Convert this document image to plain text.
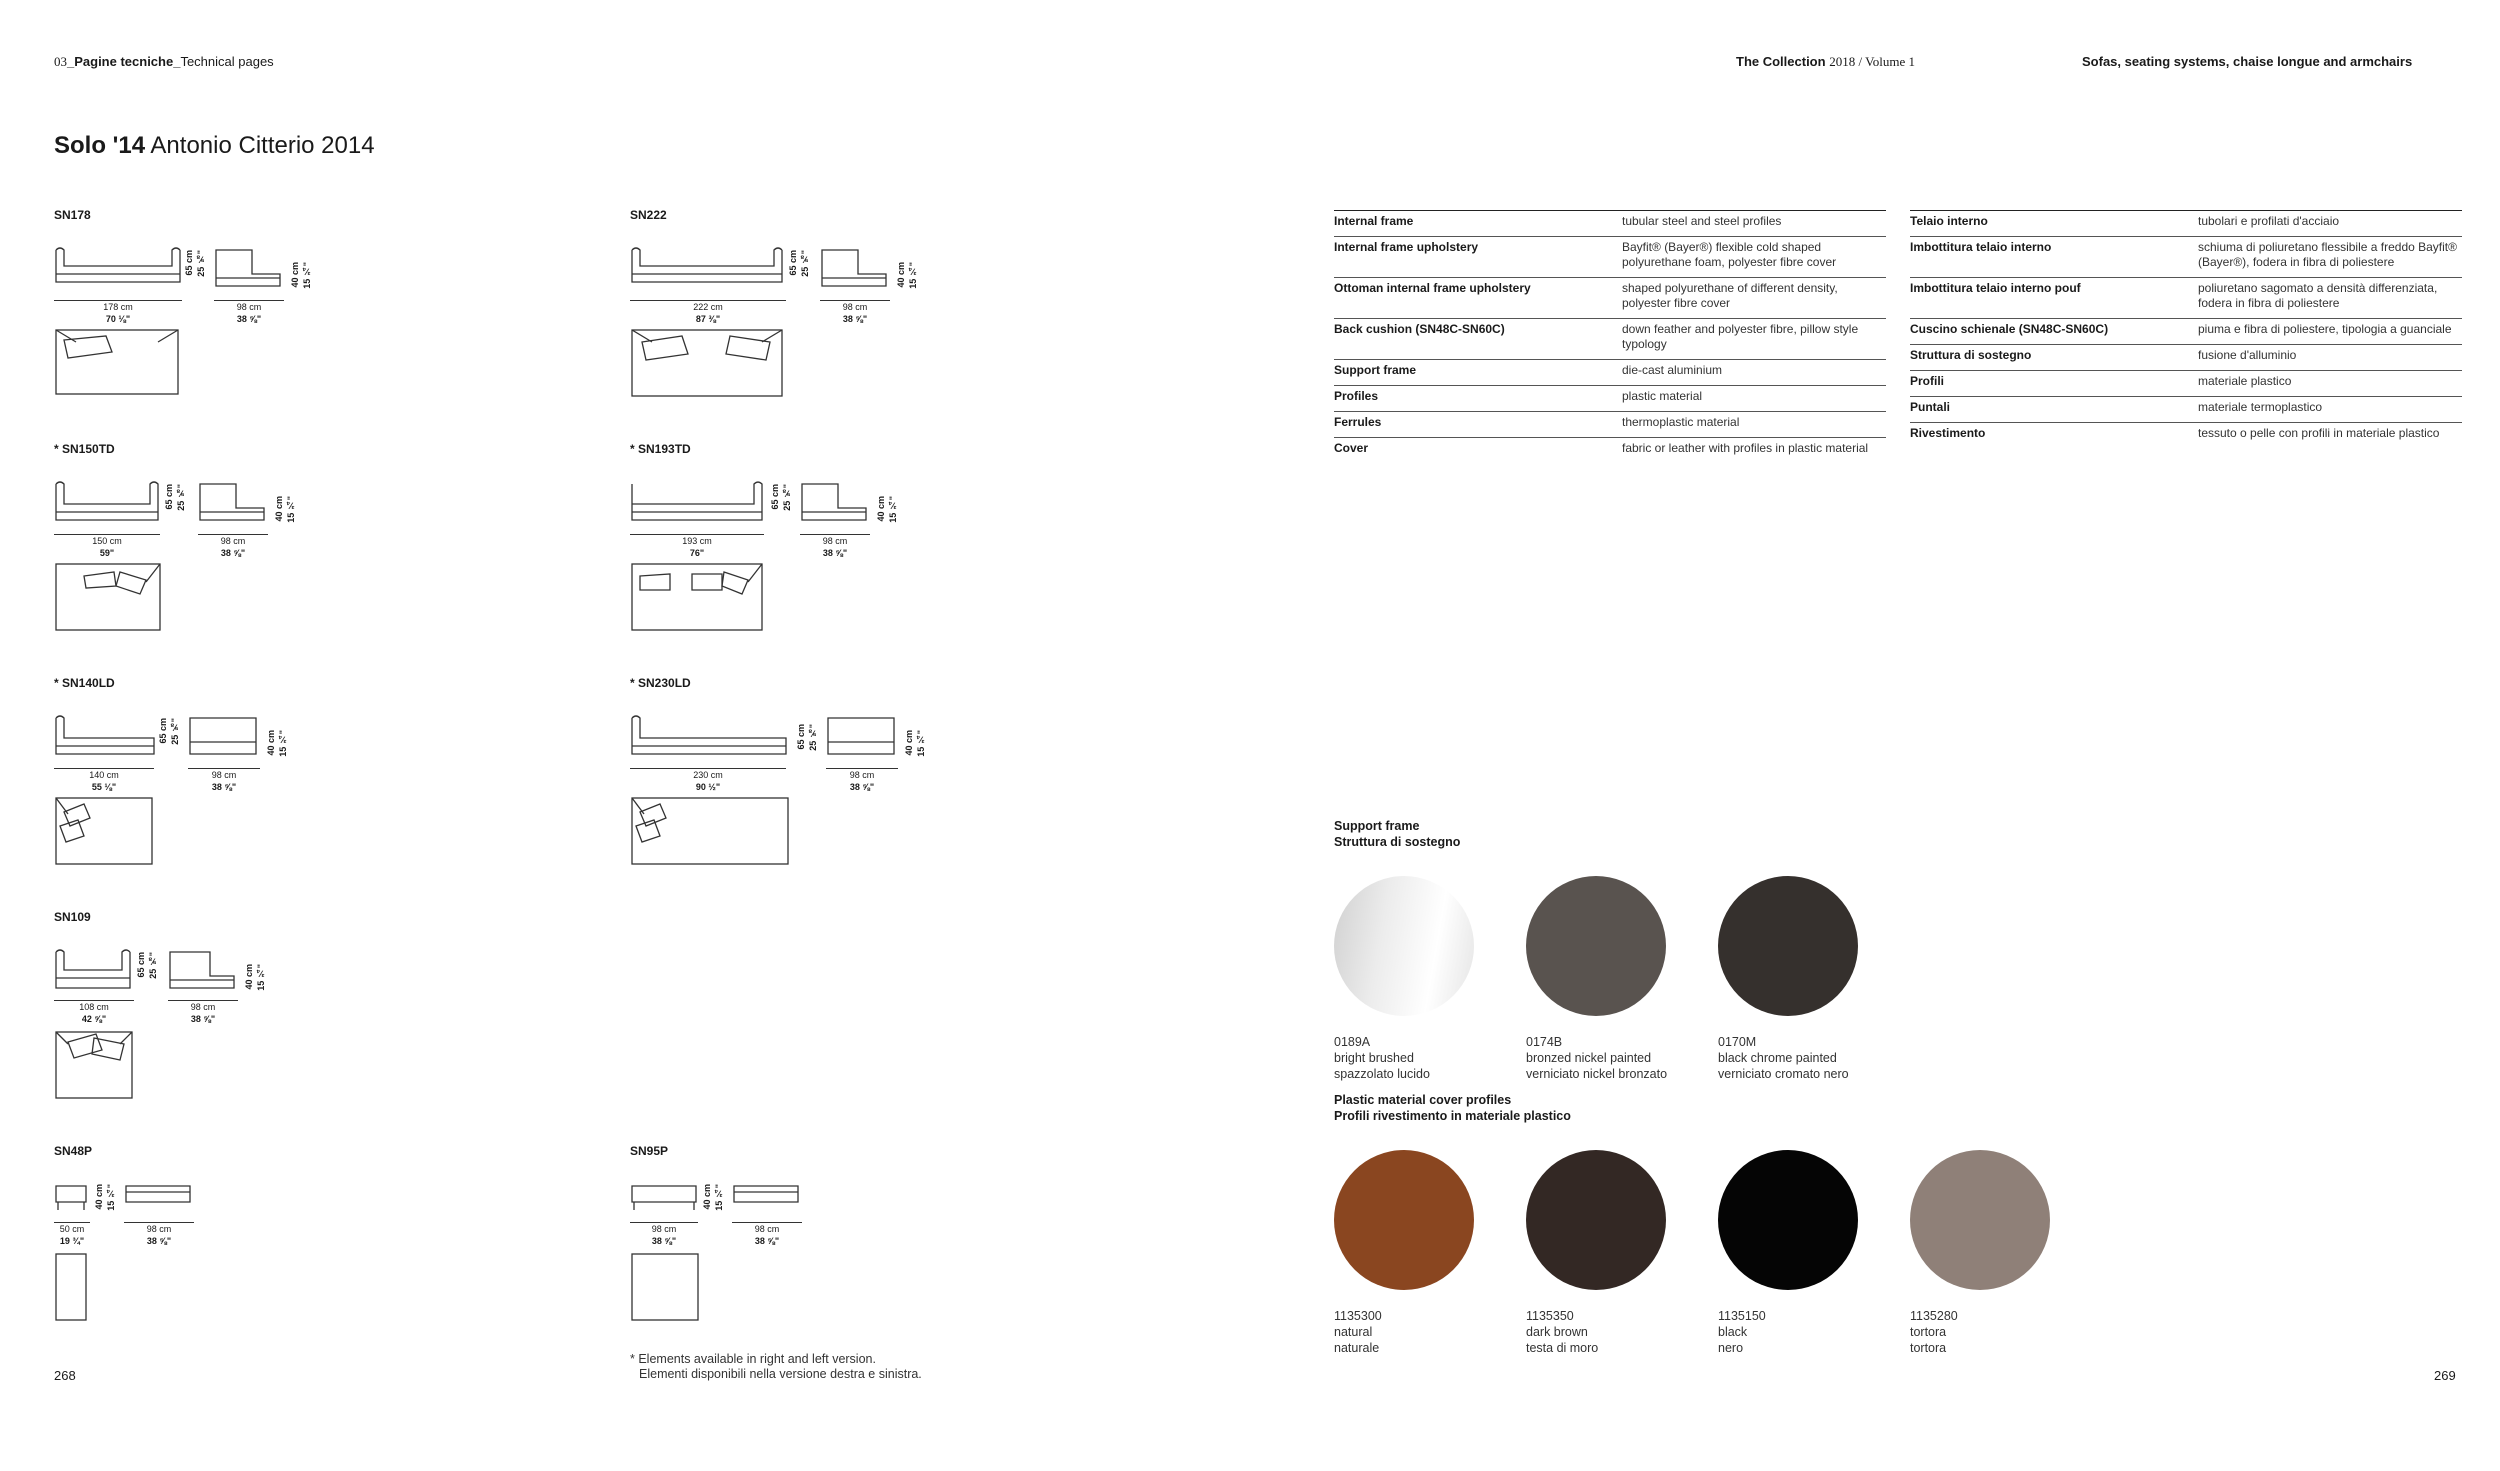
03_Pagine tecniche_Technical pages	The Collection 2018 / Volume 1	Sofas, seating systems, chaise longue and armchairs
Solo '14 Antonio Citterio 2014
SN178
65 cm 25 ⅝"	40 cm 15 ¾"
178 cm
70 ⅛"
98 cm
38 ⅝"
SN222
65 cm 25 ⅝"	40 cm 15 ¾"
222 cm
87 ⅜"
98 cm
38 ⅝"
* SN150TD
65 cm 25 ⅝"	40 cm 15 ¾"
150 cm
59"
98 cm
38 ⅝"
* SN193TD
65 cm 25 ⅝"	40 cm 15 ¾"
193 cm
76"
98 cm
38 ⅝"
* SN140LD
65 cm 25 ⅝"	40 cm 15 ¾"
140 cm
55 ⅛"
98 cm
38 ⅝"
* SN230LD
65 cm 25 ⅝"	40 cm 15 ¾"
230 cm
90 ½"
98 cm
38 ⅝"
SN109
65 cm 25 ⅝"	40 cm 15 ¾"
108 cm
42 ⅝"
98 cm
38 ⅝"
SN48P
40 cm 15 ¾"
50 cm
19 ¾"
98 cm
38 ⅝"
SN95P
40 cm 15 ¾"
98 cm
38 ⅝"
98 cm
38 ⅝"
* Elements available in right and left version.
Elementi disponibili nella versione destra e sinistra.
268	269
Internal frame	tubular steel and steel profiles
Internal frame upholstery	Bayfit® (Bayer®) flexible cold shaped polyurethane foam, polyester fibre cover
Ottoman internal frame upholstery	shaped polyurethane of different density, polyester fibre cover
Back cushion (SN48C-SN60C)	down feather and polyester fibre, pillow style typology
Support frame	die-cast aluminium
Profiles	plastic material
Ferrules	thermoplastic material
Cover	fabric or leather with profiles in plastic material
Telaio interno	tubolari e profilati d'acciaio
Imbottitura telaio interno	schiuma di poliuretano flessibile a freddo Bayfit® (Bayer®), fodera in fibra di poliestere
Imbottitura telaio interno pouf	poliuretano sagomato a densità differenziata, fodera in fibra di poliestere
Cuscino schienale (SN48C-SN60C)	piuma e fibra di poliestere, tipologia a guanciale
Struttura di sostegno	fusione d'alluminio
Profili	materiale plastico
Puntali	materiale termoplastico
Rivestimento	tessuto o pelle con profili in materiale plastico
Support frame
Struttura di sostegno
0189A
bright brushed
spazzolato lucido
0174B
bronzed nickel painted
verniciato nickel bronzato
0170M
black chrome painted
verniciato cromato nero
Plastic material cover profiles
Profili rivestimento in materiale plastico
1135300
natural
naturale
1135350
dark brown
testa di moro
1135150
black
nero
1135280
tortora
tortora
